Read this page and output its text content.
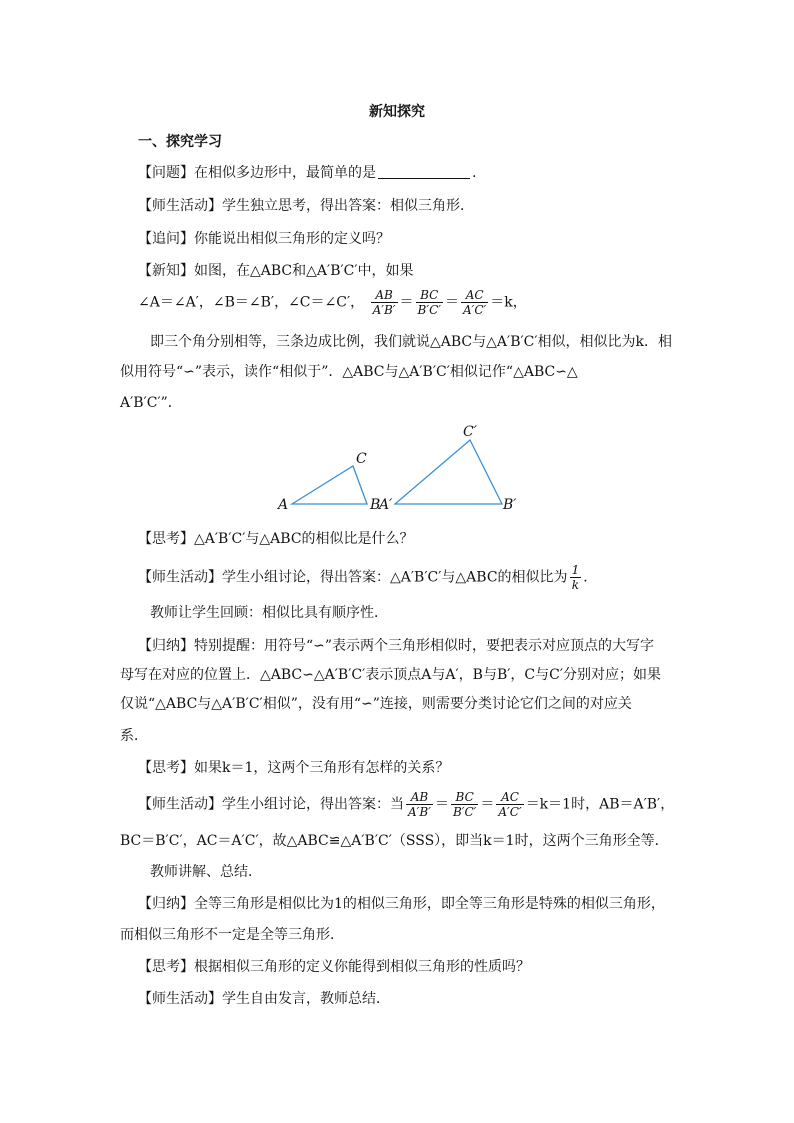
新知探究
一、探究学习
【问题】在相似多边形中，最简单的是	.
【师生活动】学生独立思考，得出答案：相似三角形．
【追问】你能说出相似三角形的定义吗？
【新知】如图，在△ABC和△A′B′C′中，如果
∠A＝∠A′，∠B＝∠B′，∠C＝∠C′， $\frac{AB}{A'B'} = \frac{BC}{B'C'} = \frac{AC}{A'C'} =k$，
即三个角分别相等，三条边成比例，我们就说△ABC与△A′B′C′相似，相似比为k．相
似用符号“∽”表示，读作“相似于”．△ABC与△A′B′C′相似记作“△ABC∽△
A′B′C′”．
A
C
B
A′
C′
B′
【思考】△A′B′C′与△ABC的相似比是什么？
【师生活动】学生小组讨论，得出答案：△A′B′C′与△ABC的相似比为 $\frac{1}{k}$ ．
教师让学生回顾：相似比具有顺序性．
【归纳】特别提醒：用符号“∽”表示两个三角形相似时，要把表示对应顶点的大写字
母写在对应的位置上．△ABC∽△A′B′C′表示顶点A与A′，B与B′，C与C′分别对应；如果
仅说“△ABC与△A′B′C′相似”，没有用“∽”连接，则需要分类讨论它们之间的对应关
系．
【思考】如果k＝1，这两个三角形有怎样的关系？
【师生活动】学生小组讨论，得出答案：当 $\frac{AB}{A'B'} = \frac{BC}{B'C'} = \frac{AC}{A'C'} =k=1$时，AB＝A′B′，
BC＝B′C′，AC＝A′C′，故△ABC≌△A′B′C′（SSS），即当k＝1时，这两个三角形全等．
教师讲解、总结．
【归纳】全等三角形是相似比为1的相似三角形，即全等三角形是特殊的相似三角形，
而相似三角形不一定是全等三角形．
【思考】根据相似三角形的定义你能得到相似三角形的性质吗？
【师生活动】学生自由发言，教师总结．
